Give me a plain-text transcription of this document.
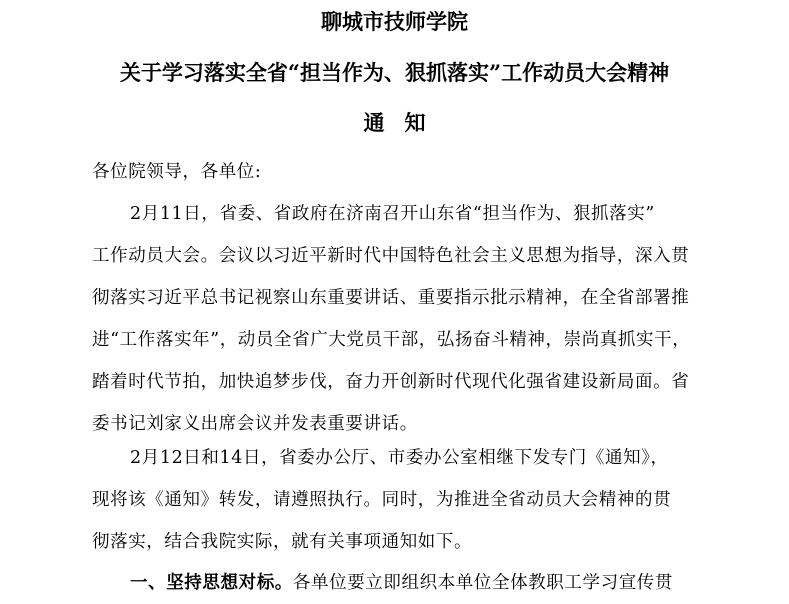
聊城市技师学院
关于学习落实全省“担当作为、狠抓落实”工作动员大会精神
通知
各位院领导，各单位:
2月11日，省委、省政府在济南召开山东省“担当作为、狠抓落实”
工作动员大会。会议以习近平新时代中国特色社会主义思想为指导，深入贯
彻落实习近平总书记视察山东重要讲话、重要指示批示精神，在全省部署推
进“工作落实年”，动员全省广大党员干部，弘扬奋斗精神，崇尚真抓实干，
踏着时代节拍，加快追梦步伐，奋力开创新时代现代化强省建设新局面。省
委书记刘家义出席会议并发表重要讲话。
2月12日和14日，省委办公厅、市委办公室相继下发专门《通知》，
现将该《通知》转发，请遵照执行。同时，为推进全省动员大会精神的贯
彻落实，结合我院实际，就有关事项通知如下。
一、坚持思想对标。各单位要立即组织本单位全体教职工学习宣传贯
